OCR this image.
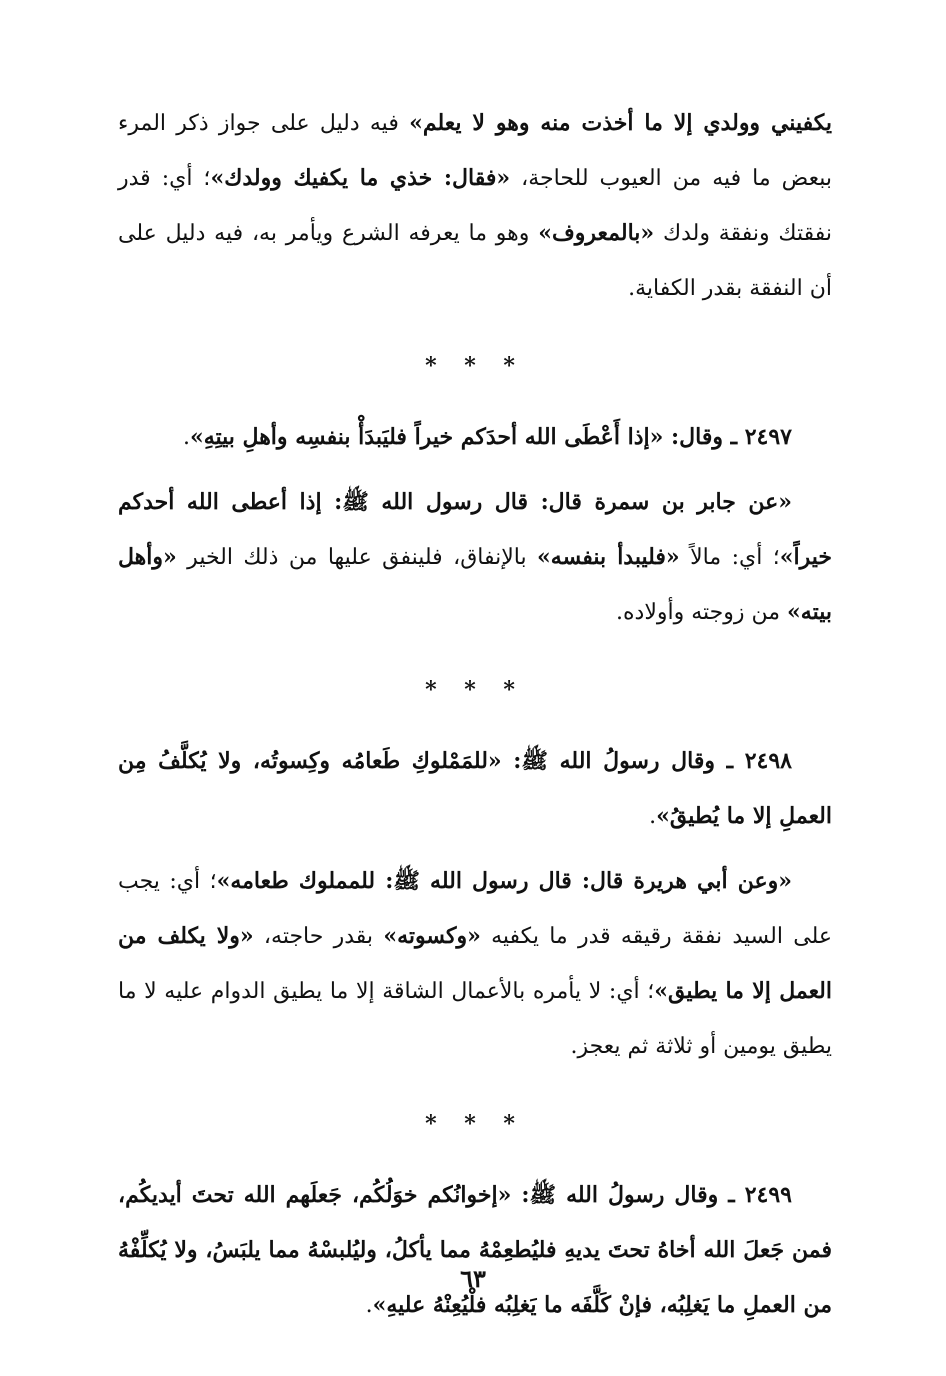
يكفيني وولدي إلا ما أخذت منه وهو لا يعلم» فيه دليل على جواز ذكر المرء ببعض ما فيه من العيوب للحاجة، «فقال: خذي ما يكفيك وولدك»؛ أي: قدر نفقتك ونفقة ولدك «بالمعروف» وهو ما يعرفه الشرع ويأمر به، فيه دليل على أن النفقة بقدر الكفاية.

* * *

٢٤٩٧ ـ وقال: «إذا أَعْطَى الله أحدَكم خيراً فليَبدَأْ بنفسِه وأهلِ بيتِهِ».

«عن جابر بن سمرة قال: قال رسول الله ﷺ: إذا أعطى الله أحدكم خيراً»؛ أي: مالاً «فليبدأ بنفسه» بالإنفاق، فلينفق عليها من ذلك الخير «وأهل بيته» من زوجته وأولاده.

* * *

٢٤٩٨ ـ وقال رسولُ الله ﷺ: «للمَمْلوكِ طَعامُه وكِسوتُه، ولا يُكلَّفُ مِن العملِ إلا ما يُطيقُ».

«وعن أبي هريرة قال: قال رسول الله ﷺ: للمملوك طعامه»؛ أي: يجب على السيد نفقة رقيقه قدر ما يكفيه «وكسوته» بقدر حاجته، «ولا يكلف من العمل إلا ما يطيق»؛ أي: لا يأمره بالأعمال الشاقة إلا ما يطيق الدوام عليه لا ما يطيق يومين أو ثلاثة ثم يعجز.

* * *

٢٤٩٩ ـ وقال رسولُ الله ﷺ: «إخوانُكم خوَلُكُم، جَعلَهم الله تحتَ أيديكُم، فمن جَعلَ الله أخاهُ تحتَ يديهِ فليُطعِمْهُ مما يأكلُ، وليُلبسْهُ مما يلبَسُ، ولا يُكلِّفْهُ من العملِ ما يَغلِبُه، فإنْ كَلَّفَه ما يَغلِبُه فلْيُعِنْهُ عليهِ».

٦٣
